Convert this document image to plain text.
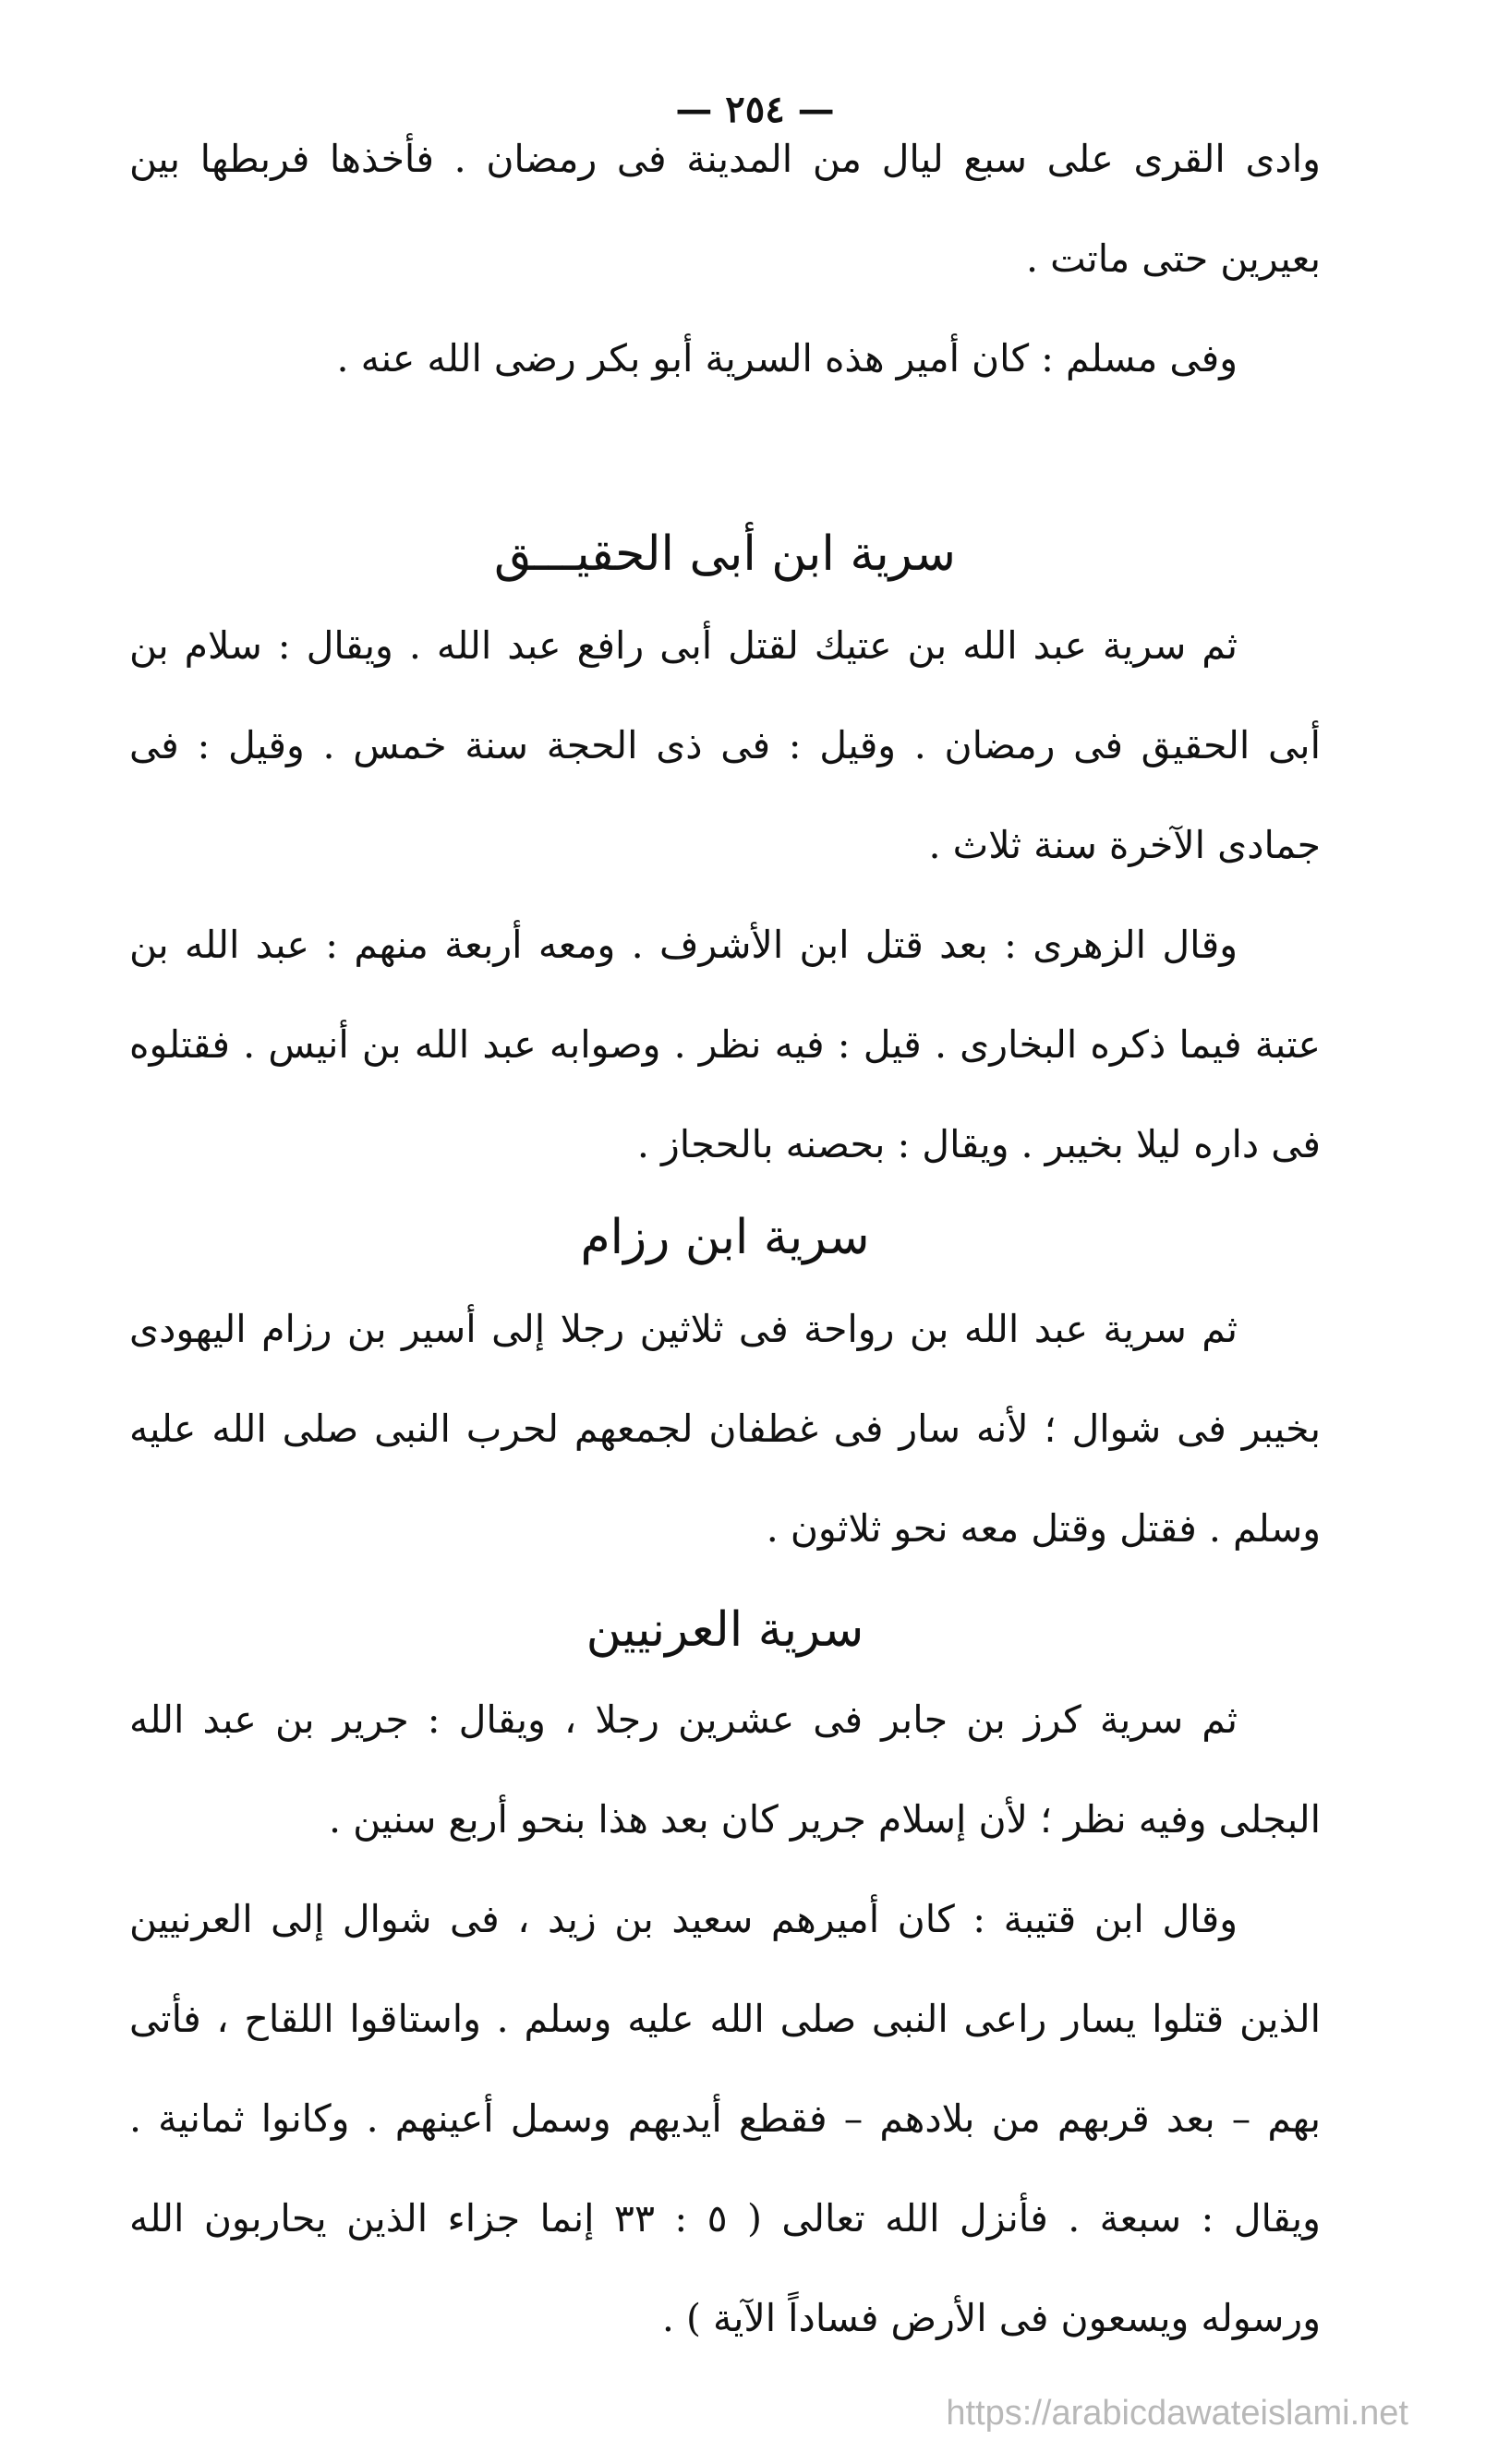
— ٢٥٤ —

وادى القرى على سبع ليال من المدينة فى رمضان . فأخذها فربطها بين بعيرين حتى ماتت .

وفى مسلم : كان أمير هذه السرية أبو بكر رضى الله عنه .

سرية ابن أبى الحقيـــق

ثم سرية عبد الله بن عتيك لقتل أبى رافع عبد الله . ويقال : سلام بن أبى الحقيق فى رمضان . وقيل : فى ذى الحجة سنة خمس . وقيل : فى جمادى الآخرة سنة ثلاث .

وقال الزهرى : بعد قتل ابن الأشرف . ومعه أربعة منهم : عبد الله بن عتبة فيما ذكره البخارى . قيل : فيه نظر . وصوابه عبد الله بن أنيس . فقتلوه فى داره ليلا بخيبر . ويقال : بحصنه بالحجاز .

سرية ابن رزام

ثم سرية عبد الله بن رواحة فى ثلاثين رجلا إلى أسير بن رزام اليهودى بخيبر فى شوال ؛ لأنه سار فى غطفان لجمعهم لحرب النبى صلى الله عليه وسلم . فقتل وقتل معه نحو ثلاثون .

سرية العرنيين

ثم سرية كرز بن جابر فى عشرين رجلا ، ويقال : جرير بن عبد الله البجلى وفيه نظر ؛ لأن إسلام جرير كان بعد هذا بنحو أربع سنين .

وقال ابن قتيبة : كان أميرهم سعيد بن زيد ، فى شوال إلى العرنيين الذين قتلوا يسار راعى النبى صلى الله عليه وسلم . واستاقوا اللقاح ، فأتى بهم – بعد قربهم من بلادهم – فقطع أيديهم وسمل أعينهم . وكانوا ثمانية . ويقال : سبعة . فأنزل الله تعالى ( ٥ : ٣٣ إنما جزاء الذين يحاربون الله ورسوله ويسعون فى الأرض فساداً الآية ) .

https://arabicdawateislami.net
